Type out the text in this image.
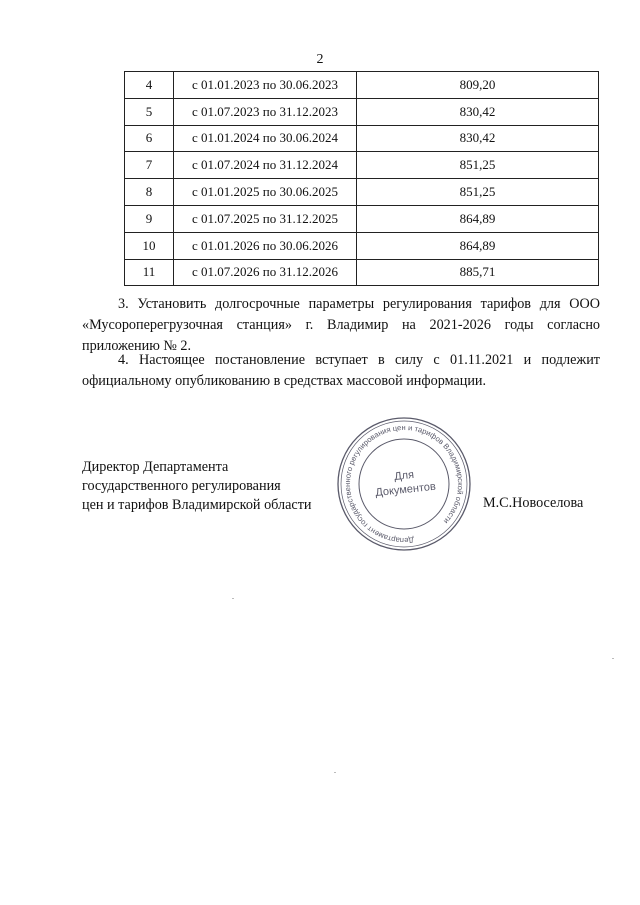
2
4	с 01.01.2023 по 30.06.2023	809,20
5	с 01.07.2023 по 31.12.2023	830,42
6	с 01.01.2024 по 30.06.2024	830,42
7	с 01.07.2024 по 31.12.2024	851,25
8	с 01.01.2025 по 30.06.2025	851,25
9	с 01.07.2025 по 31.12.2025	864,89
10	с 01.01.2026 по 30.06.2026	864,89
11	с 01.07.2026 по 31.12.2026	885,71

3. Установить долгосрочные параметры регулирования тарифов для ООО «Мусороперегрузочная станция» г. Владимир на 2021-2026 годы согласно приложению № 2.

4. Настоящее постановление вступает в силу с 01.11.2021 и подлежит официальному опубликованию в средствах массовой информации.

Директор Департамента
государственного регулирования
цен и тарифов Владимирской области	М.С.Новоселова
Департамент государственного регулирования цен и тарифов Владимирской области
Для
Документов
